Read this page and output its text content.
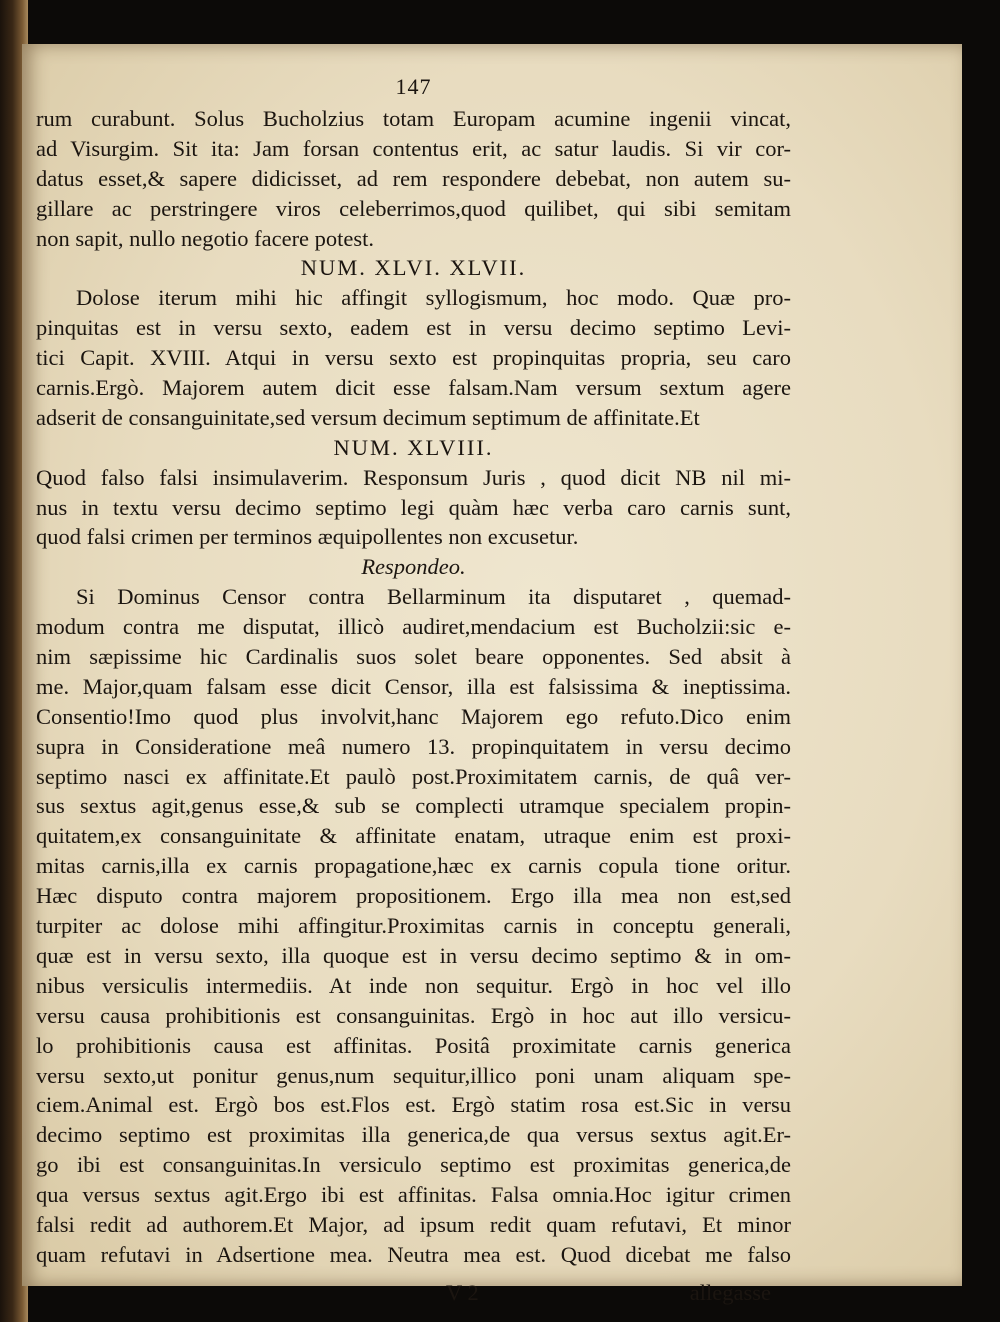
147
rum curabunt. Solus Bucholzius totam Europam acumine ingenii vincat,
ad Visurgim. Sit ita: Jam forsan contentus erit, ac satur laudis. Si vir cor-
datus esset,& sapere didicisset, ad rem respondere debebat, non autem su-
gillare ac perstringere viros celeberrimos,quod quilibet, qui sibi semitam
non sapit, nullo negotio facere potest.
NUM. XLVI. XLVII.
Dolose iterum mihi hic affingit syllogismum, hoc modo. Quæ pro-
pinquitas est in versu sexto, eadem est in versu decimo septimo Levi-
tici Capit. XVIII. Atqui in versu sexto est propinquitas propria, seu caro
carnis.Ergò. Majorem autem dicit esse falsam.Nam versum sextum agere
adserit de consanguinitate,sed versum decimum septimum de affinitate.Et
NUM. XLVIII.
Quod falso falsi insimulaverim. Responsum Juris , quod dicit NB nil mi-
nus in textu versu decimo septimo legi quàm hæc verba caro carnis sunt,
quod falsi crimen per terminos æquipollentes non excusetur.
Respondeo.
Si Dominus Censor contra Bellarminum ita disputaret , quemad-
modum contra me disputat, illicò audiret,mendacium est Bucholzii:sic e-
nim sæpissime hic Cardinalis suos solet beare opponentes. Sed absit à
me. Major,quam falsam esse dicit Censor, illa est falsissima & ineptissima.
Consentio!Imo quod plus involvit,hanc Majorem ego refuto.Dico enim
supra in Consideratione meâ numero 13. propinquitatem in versu decimo
septimo nasci ex affinitate.Et paulò post.Proximitatem carnis, de quâ ver-
sus sextus agit,genus esse,& sub se complecti utramque specialem propin-
quitatem,ex consanguinitate & affinitate enatam, utraque enim est proxi-
mitas carnis,illa ex carnis propagatione,hæc ex carnis copula tione oritur.
Hæc disputo contra majorem propositionem. Ergo illa mea non est,sed
turpiter ac dolose mihi affingitur.Proximitas carnis in conceptu generali,
quæ est in versu sexto, illa quoque est in versu decimo septimo & in om-
nibus versiculis intermediis. At inde non sequitur. Ergò in hoc vel illo
versu causa prohibitionis est consanguinitas. Ergò in hoc aut illo versicu-
lo prohibitionis causa est affinitas. Positâ proximitate carnis generica
versu sexto,ut ponitur genus,num sequitur,illico poni unam aliquam spe-
ciem.Animal est. Ergò bos est.Flos est. Ergò statim rosa est.Sic in versu
decimo septimo est proximitas illa generica,de qua versus sextus agit.Er-
go ibi est consanguinitas.In versiculo septimo est proximitas generica,de
qua versus sextus agit.Ergo ibi est affinitas. Falsa omnia.Hoc igitur crimen
falsi redit ad authorem.Et Major, ad ipsum redit quam refutavi, Et minor
quam refutavi in Adsertione mea. Neutra mea est. Quod dicebat me falso
V 2	allegasse
